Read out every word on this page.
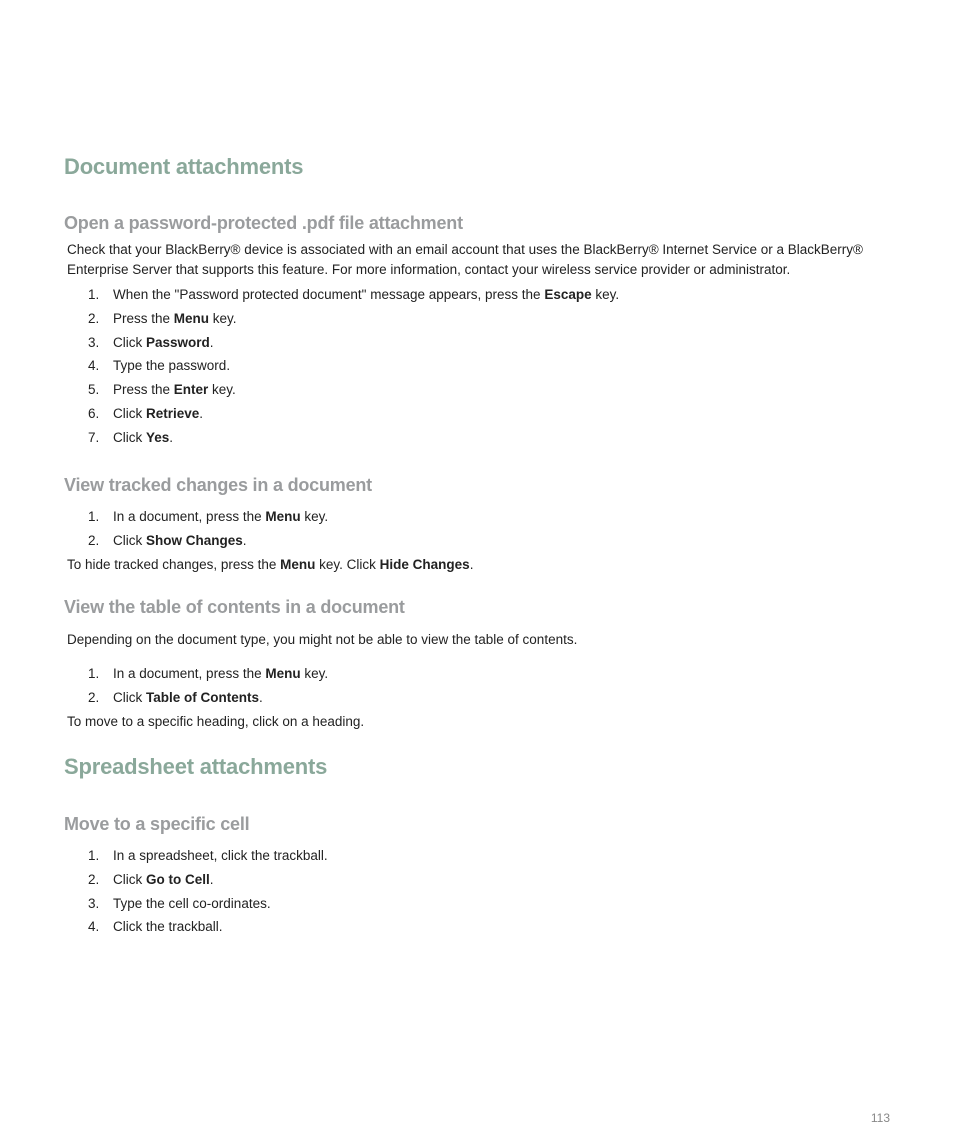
Document attachments
Open a password-protected .pdf file attachment

Check that your BlackBerry® device is associated with an email account that uses the BlackBerry® Internet Service or a BlackBerry®
Enterprise Server that supports this feature. For more information, contact your wireless service provider or administrator.

1. When the "Password protected document" message appears, press the Escape key.
2. Press the Menu key.
3. Click Password.
4. Type the password.
5. Press the Enter key.
6. Click Retrieve.
7. Click Yes.
View tracked changes in a document
1. In a document, press the Menu key.
2. Click Show Changes.

To hide tracked changes, press the Menu key. Click Hide Changes.

View the table of contents in a document

Depending on the document type, you might not be able to view the table of contents.

1. In a document, press the Menu key.
2. Click Table of Contents.

To move to a specific heading, click on a heading.

Spreadsheet attachments
Move to a specific cell
1. In a spreadsheet, click the trackball.
2. Click Go to Cell.
3. Type the cell co-ordinates.
4. Click the trackball.
113
